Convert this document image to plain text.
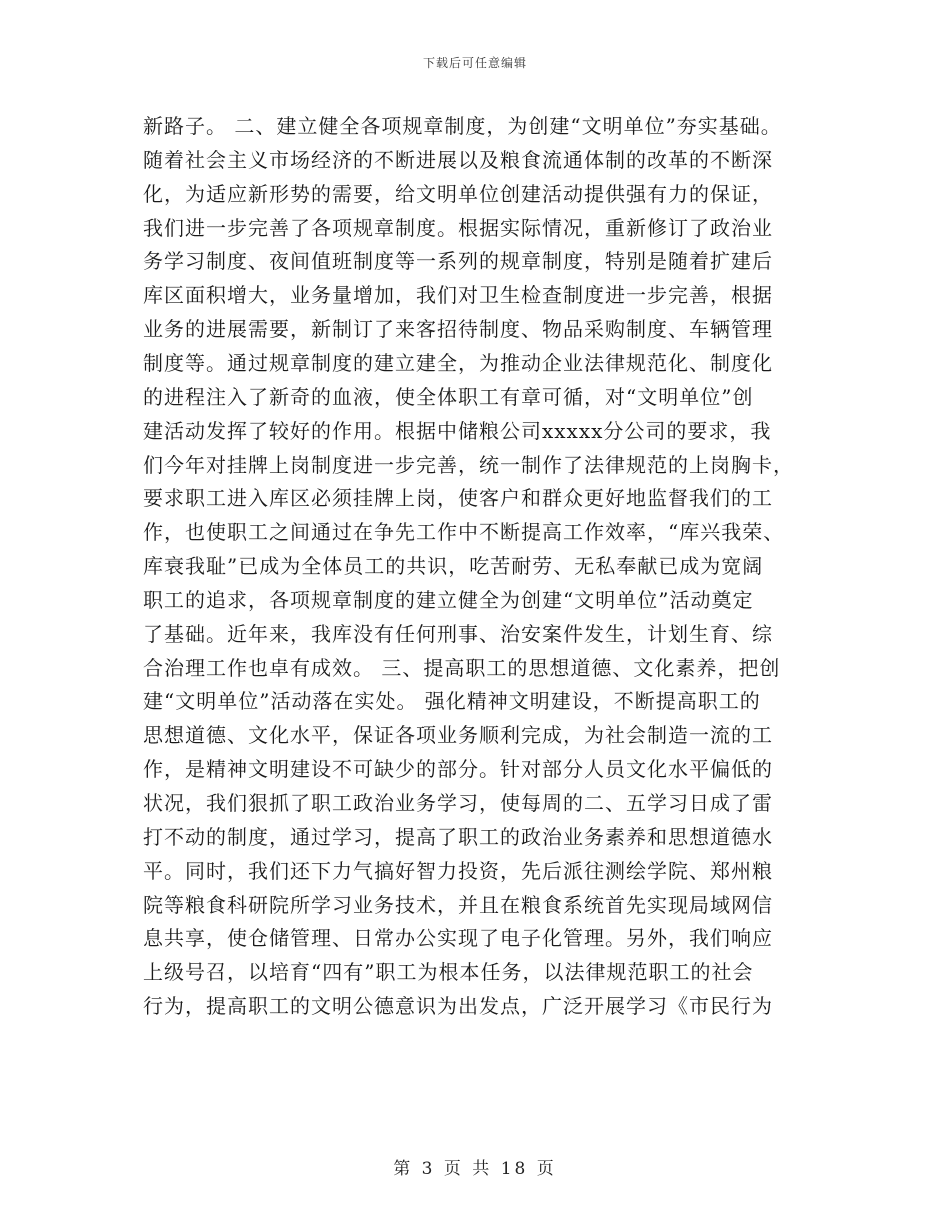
下载后可任意编辑
新路子。 二、建立健全各项规章制度，为创建“文明单位”夯实基础。
随着社会主义市场经济的不断进展以及粮食流通体制的改革的不断深
化，为适应新形势的需要，给文明单位创建活动提供强有力的保证，
我们进一步完善了各项规章制度。根据实际情况，重新修订了政治业
务学习制度、夜间值班制度等一系列的规章制度，特别是随着扩建后
库区面积增大，业务量增加，我们对卫生检查制度进一步完善，根据
业务的进展需要，新制订了来客招待制度、物品采购制度、车辆管理
制度等。通过规章制度的建立建全，为推动企业法律规范化、制度化
的进程注入了新奇的血液，使全体职工有章可循，对“文明单位”创
建活动发挥了较好的作用。根据中储粮公司xxxxx分公司的要求，我
们今年对挂牌上岗制度进一步完善，统一制作了法律规范的上岗胸卡，
要求职工进入库区必须挂牌上岗，使客户和群众更好地监督我们的工
作，也使职工之间通过在争先工作中不断提高工作效率，“库兴我荣、
库衰我耻”已成为全体员工的共识，吃苦耐劳、无私奉献已成为宽阔
职工的追求，各项规章制度的建立健全为创建“文明单位”活动奠定
了基础。近年来，我库没有任何刑事、治安案件发生，计划生育、综
合治理工作也卓有成效。 三、提高职工的思想道德、文化素养，把创
建“文明单位”活动落在实处。 强化精神文明建设，不断提高职工的
思想道德、文化水平，保证各项业务顺利完成，为社会制造一流的工
作，是精神文明建设不可缺少的部分。针对部分人员文化水平偏低的
状况，我们狠抓了职工政治业务学习，使每周的二、五学习日成了雷
打不动的制度，通过学习，提高了职工的政治业务素养和思想道德水
平。同时，我们还下力气搞好智力投资，先后派往测绘学院、郑州粮
院等粮食科研院所学习业务技术，并且在粮食系统首先实现局域网信
息共享，使仓储管理、日常办公实现了电子化管理。另外，我们响应
上级号召，以培育“四有”职工为根本任务，以法律规范职工的社会
行为，提高职工的文明公德意识为出发点，广泛开展学习《市民行为
第 3 页 共 18 页
